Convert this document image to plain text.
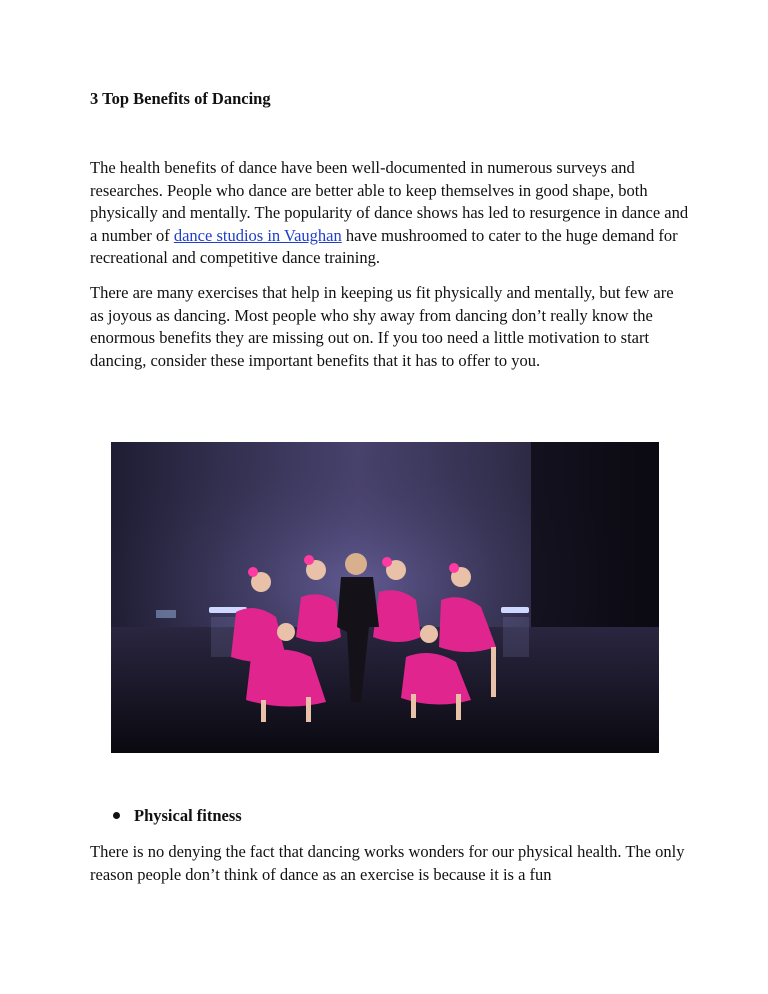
3 Top Benefits of Dancing

The health benefits of dance have been well-documented in numerous surveys and researches. People who dance are better able to keep themselves in good shape, both physically and mentally. The popularity of dance shows has led to resurgence in dance and a number of dance studios in Vaughan have mushroomed to cater to the huge demand for recreational and competitive dance training.

There are many exercises that help in keeping us fit physically and mentally, but few are as joyous as dancing. Most people who shy away from dancing don’t really know the enormous benefits they are missing out on. If you too need a little motivation to start dancing, consider these important benefits that it has to offer to you.

Physical fitness

There is no denying the fact that dancing works wonders for our physical health. The only reason people don’t think of dance as an exercise is because it is a fun
